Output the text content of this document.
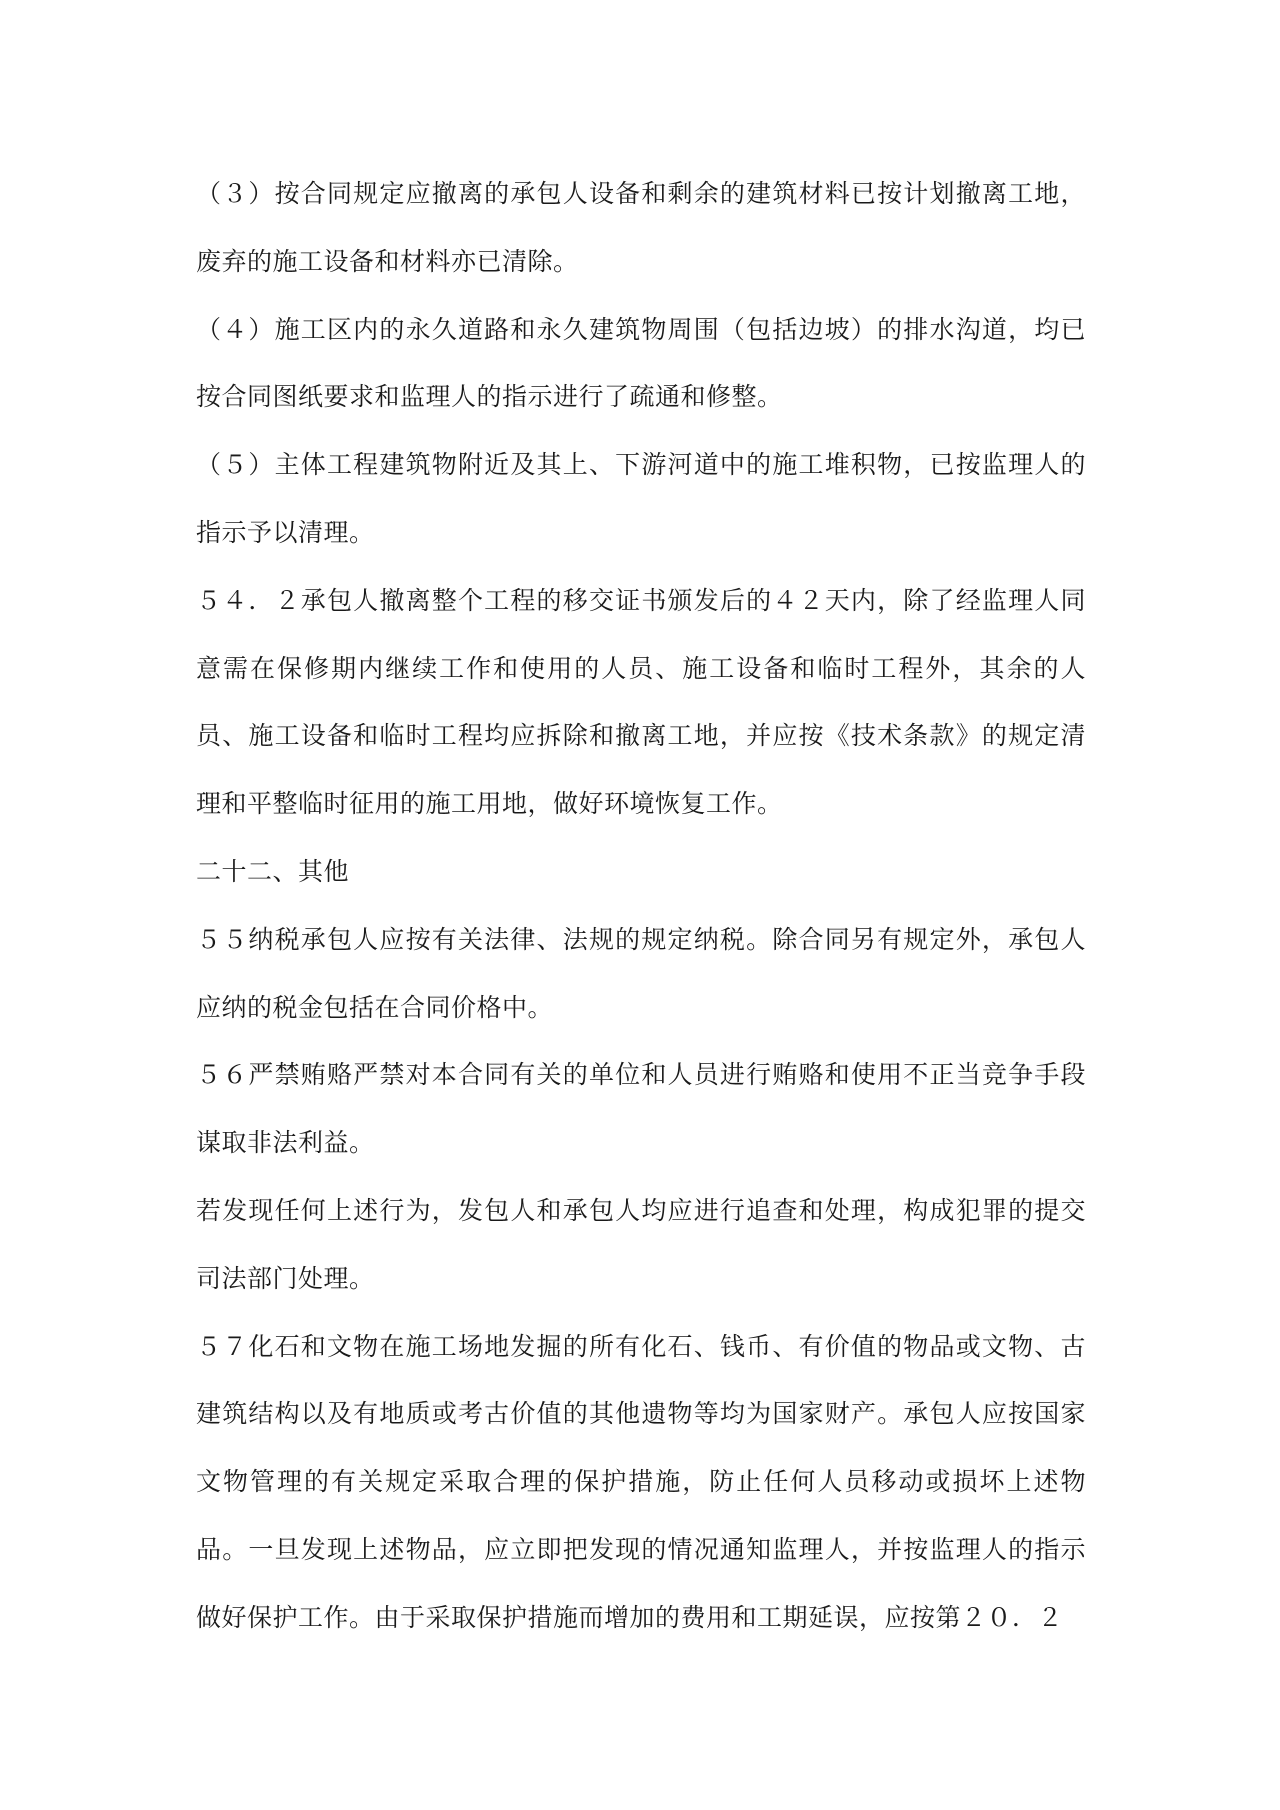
（３）按合同规定应撤离的承包人设备和剩余的建筑材料已按计划撤离工地，废弃的施工设备和材料亦已清除。

（４）施工区内的永久道路和永久建筑物周围（包括边坡）的排水沟道，均已按合同图纸要求和监理人的指示进行了疏通和修整。

（５）主体工程建筑物附近及其上、下游河道中的施工堆积物，已按监理人的指示予以清理。

５４．２承包人撤离整个工程的移交证书颁发后的４２天内，除了经监理人同意需在保修期内继续工作和使用的人员、施工设备和临时工程外，其余的人员、施工设备和临时工程均应拆除和撤离工地，并应按《技术条款》的规定清理和平整临时征用的施工用地，做好环境恢复工作。

二十二、其他

５５纳税承包人应按有关法律、法规的规定纳税。除合同另有规定外，承包人应纳的税金包括在合同价格中。

５６严禁贿赂严禁对本合同有关的单位和人员进行贿赂和使用不正当竞争手段谋取非法利益。

若发现任何上述行为，发包人和承包人均应进行追查和处理，构成犯罪的提交司法部门处理。

５７化石和文物在施工场地发掘的所有化石、钱币、有价值的物品或文物、古建筑结构以及有地质或考古价值的其他遗物等均为国家财产。承包人应按国家文物管理的有关规定采取合理的保护措施，防止任何人员移动或损坏上述物品。一旦发现上述物品，应立即把发现的情况通知监理人，并按监理人的指示做好保护工作。由于采取保护措施而增加的费用和工期延误，应按第２０．２
